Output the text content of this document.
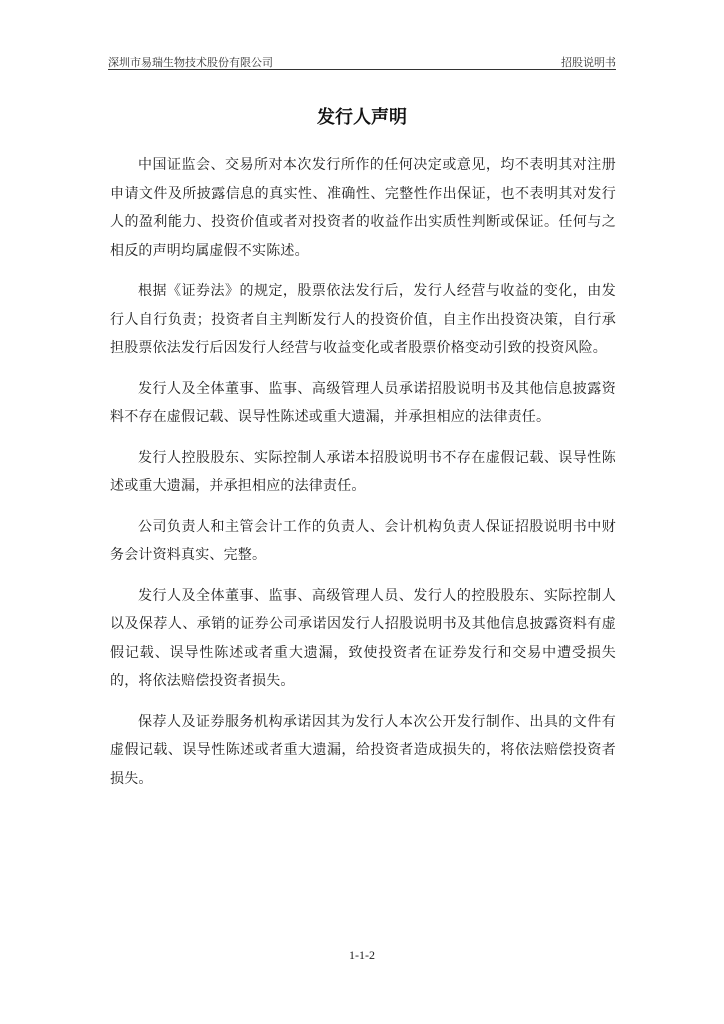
深圳市易瑞生物技术股份有限公司	招股说明书
发行人声明

中国证监会、交易所对本次发行所作的任何决定或意见，均不表明其对注册申请文件及所披露信息的真实性、准确性、完整性作出保证，也不表明其对发行人的盈利能力、投资价值或者对投资者的收益作出实质性判断或保证。任何与之相反的声明均属虚假不实陈述。

根据《证券法》的规定，股票依法发行后，发行人经营与收益的变化，由发行人自行负责；投资者自主判断发行人的投资价值，自主作出投资决策，自行承担股票依法发行后因发行人经营与收益变化或者股票价格变动引致的投资风险。

发行人及全体董事、监事、高级管理人员承诺招股说明书及其他信息披露资料不存在虚假记载、误导性陈述或重大遗漏，并承担相应的法律责任。

发行人控股股东、实际控制人承诺本招股说明书不存在虚假记载、误导性陈述或重大遗漏，并承担相应的法律责任。

公司负责人和主管会计工作的负责人、会计机构负责人保证招股说明书中财务会计资料真实、完整。

发行人及全体董事、监事、高级管理人员、发行人的控股股东、实际控制人以及保荐人、承销的证券公司承诺因发行人招股说明书及其他信息披露资料有虚假记载、误导性陈述或者重大遗漏，致使投资者在证券发行和交易中遭受损失的，将依法赔偿投资者损失。

保荐人及证券服务机构承诺因其为发行人本次公开发行制作、出具的文件有虚假记载、误导性陈述或者重大遗漏，给投资者造成损失的，将依法赔偿投资者损失。

1-1-2
